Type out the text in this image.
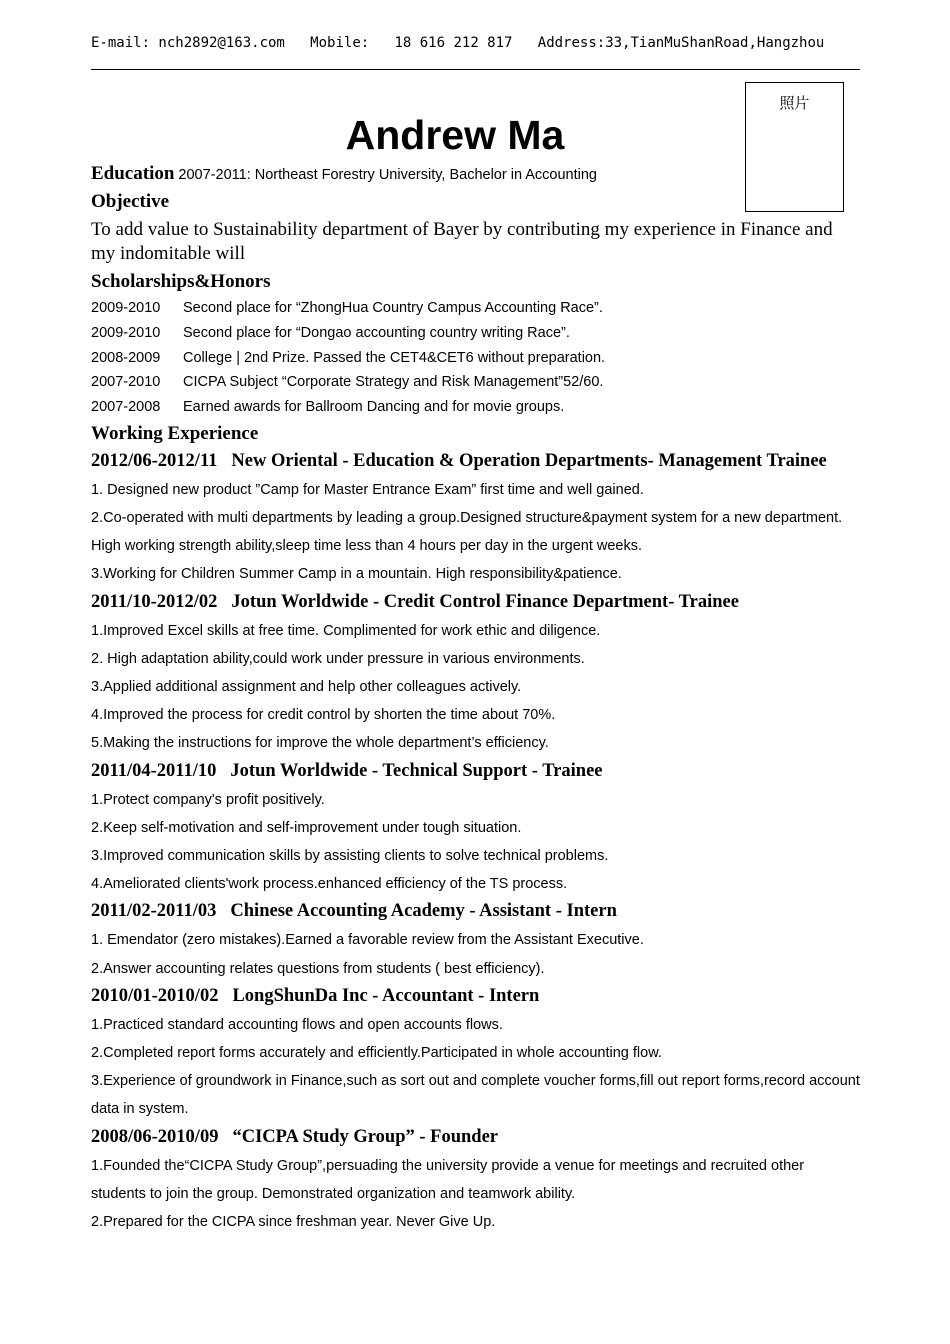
E-mail: nch2892@163.com Mobile:   18 616 212 817 Address:33,TianMuShanRoad,Hangzhou
照片
Andrew Ma
Education 2007-2011: Northeast Forestry University, Bachelor in Accounting
Objective
To add value to Sustainability department of Bayer by contributing my experience in Finance and my indomitable will
Scholarships&Honors
2009-2010 Second place for “ZhongHua Country Campus Accounting Race”.
2009-2010 Second place for “Dongao accounting country writing Race”.
2008-2009 College | 2nd Prize. Passed the CET4&CET6 without preparation.
2007-2010 CICPA Subject “Corporate Strategy and Risk Management”52/60.
2007-2008 Earned awards for Ballroom Dancing and for movie groups.
Working Experience
2012/06-2012/11 New Oriental - Education & Operation Departments- Management Trainee
1. Designed new product ”Camp for Master Entrance Exam” first time and well gained.
2.Co-operated with multi departments by leading a group.Designed structure&payment system for a new department. High working strength ability,sleep time less than 4 hours per day in the urgent weeks.
3.Working for Children Summer Camp in a mountain. High responsibility&patience.
2011/10-2012/02 Jotun Worldwide - Credit Control Finance Department- Trainee
1.Improved Excel skills at free time. Complimented for work ethic and diligence.
2. High adaptation ability,could work under pressure in various environments.
3.Applied additional assignment and help other colleagues actively.
4.Improved the process for credit control by shorten the time about 70%.
5.Making the instructions for improve the whole department’s efficiency.
2011/04-2011/10 Jotun Worldwide - Technical Support - Trainee
1.Protect company's profit positively.
2.Keep self-motivation and self-improvement under tough situation.
3.Improved communication skills by assisting clients to solve technical problems.
4.Ameliorated clients'work process.enhanced efficiency of the TS process.
2011/02-2011/03 Chinese Accounting Academy - Assistant - Intern
1. Emendator (zero mistakes).Earned a favorable review from the Assistant Executive.
2.Answer accounting relates questions from students ( best efficiency).
2010/01-2010/02 LongShunDa Inc - Accountant - Intern
1.Practiced standard accounting flows and open accounts flows.
2.Completed report forms accurately and efficiently.Participated in whole accounting flow.
3.Experience of groundwork in Finance,such as sort out and complete voucher forms,fill out report forms,record account data in system.
2008/06-2010/09 “CICPA Study Group” - Founder
1.Founded the“CICPA Study Group”,persuading the university provide a venue for meetings and recruited other students to join the group. Demonstrated organization and teamwork ability.
2.Prepared for the CICPA since freshman year. Never Give Up.
